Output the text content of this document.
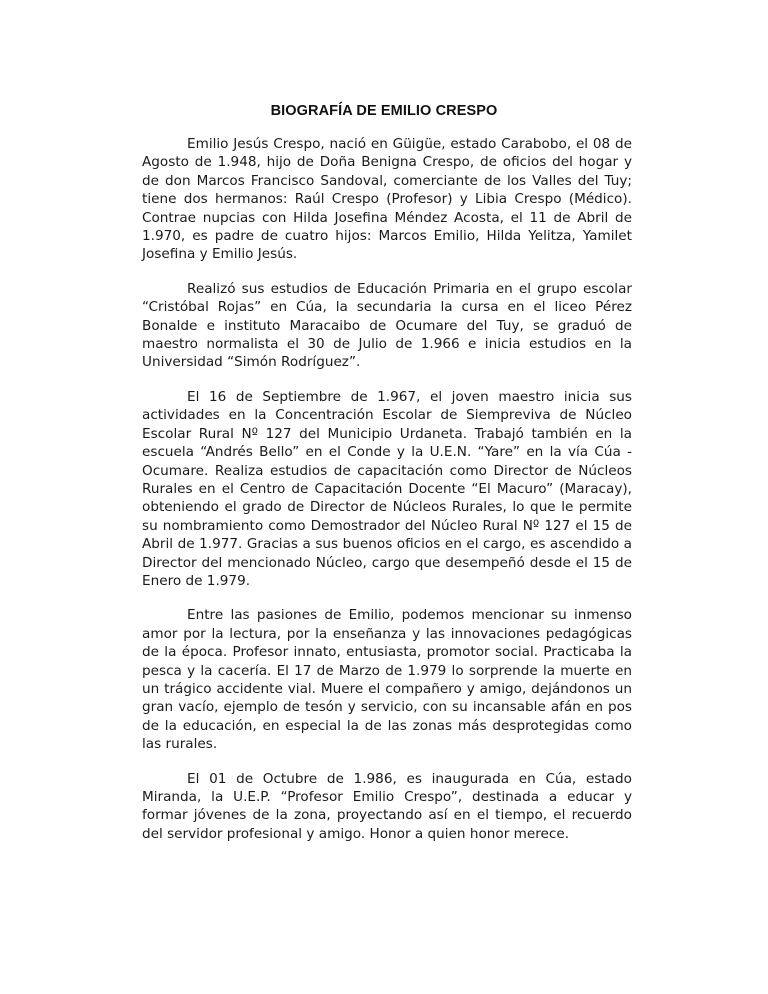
BIOGRAFÍA DE EMILIO CRESPO

Emilio Jesús Crespo, nació en Güigüe, estado Carabobo, el 08 de Agosto de 1.948, hijo de Doña Benigna Crespo, de oficios del hogar y de don Marcos Francisco Sandoval, comerciante de los Valles del Tuy; tiene dos hermanos: Raúl Crespo (Profesor) y Libia Crespo (Médico). Contrae nupcias con Hilda Josefina Méndez Acosta, el 11 de Abril de 1.970, es padre de cuatro hijos: Marcos Emilio, Hilda Yelitza, Yamilet Josefina y Emilio Jesús.

Realizó sus estudios de Educación Primaria en el grupo escolar “Cristóbal Rojas” en Cúa, la secundaria la cursa en el liceo Pérez Bonalde e instituto Maracaibo de Ocumare del Tuy, se graduó de maestro normalista el 30 de Julio de 1.966 e inicia estudios en la Universidad “Simón Rodríguez”.

El 16 de Septiembre de 1.967, el joven maestro inicia sus actividades en la Concentración Escolar de Siempreviva de Núcleo Escolar Rural Nº 127 del Municipio Urdaneta. Trabajó también en la escuela “Andrés Bello” en el Conde y la U.E.N. “Yare” en la vía Cúa - Ocumare. Realiza estudios de capacitación como Director de Núcleos Rurales en el Centro de Capacitación Docente “El Macuro” (Maracay), obteniendo el grado de Director de Núcleos Rurales, lo que le permite su nombramiento como Demostrador del Núcleo Rural Nº 127 el 15 de Abril de 1.977. Gracias a sus buenos oficios en el cargo, es ascendido a Director del mencionado Núcleo, cargo que desempeñó desde el 15 de Enero de 1.979.

Entre las pasiones de Emilio, podemos mencionar su inmenso amor por la lectura, por la enseñanza y las innovaciones pedagógicas de la época. Profesor innato, entusiasta, promotor social. Practicaba la pesca y la cacería. El 17 de Marzo de 1.979 lo sorprende la muerte en un trágico accidente vial. Muere el compañero y amigo, dejándonos un gran vacío, ejemplo de tesón y servicio, con su incansable afán en pos de la educación, en especial la de las zonas más desprotegidas como las rurales.

El 01 de Octubre de 1.986, es inaugurada en Cúa, estado Miranda, la U.E.P. “Profesor Emilio Crespo”, destinada a educar y formar jóvenes de la zona, proyectando así en el tiempo, el recuerdo del servidor profesional y amigo. Honor a quien honor merece.
